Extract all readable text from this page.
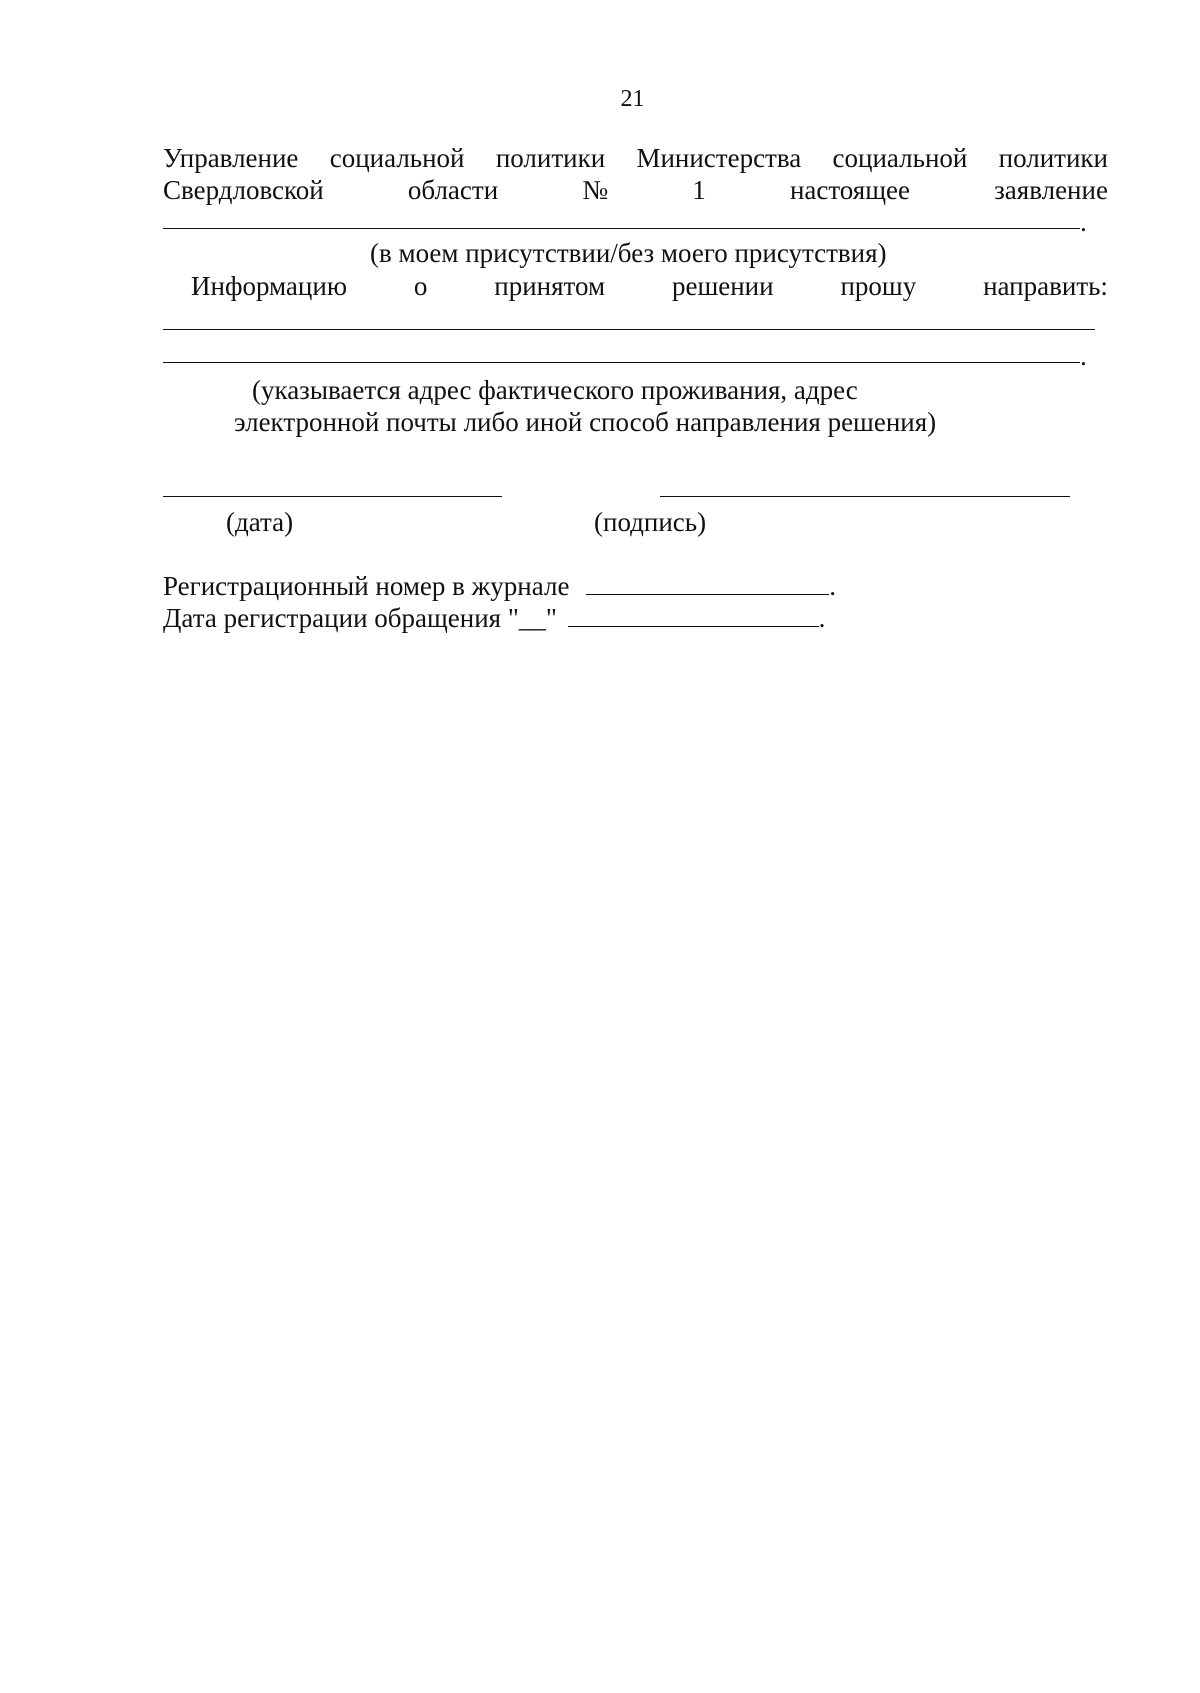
21
Управление социальной политики Министерства социальной политики
Свердловской	области	№	1	настоящее	заявление
.
(в моем присутствии/без моего присутствия)
Информацию о принятом решении прошу направить:
.
(указывается адрес фактического проживания, адрес
электронной почты либо иной способ направления решения)
(дата)	(подпись)
Регистрационный номер в журнале	.
Дата регистрации обращения "__"	.
